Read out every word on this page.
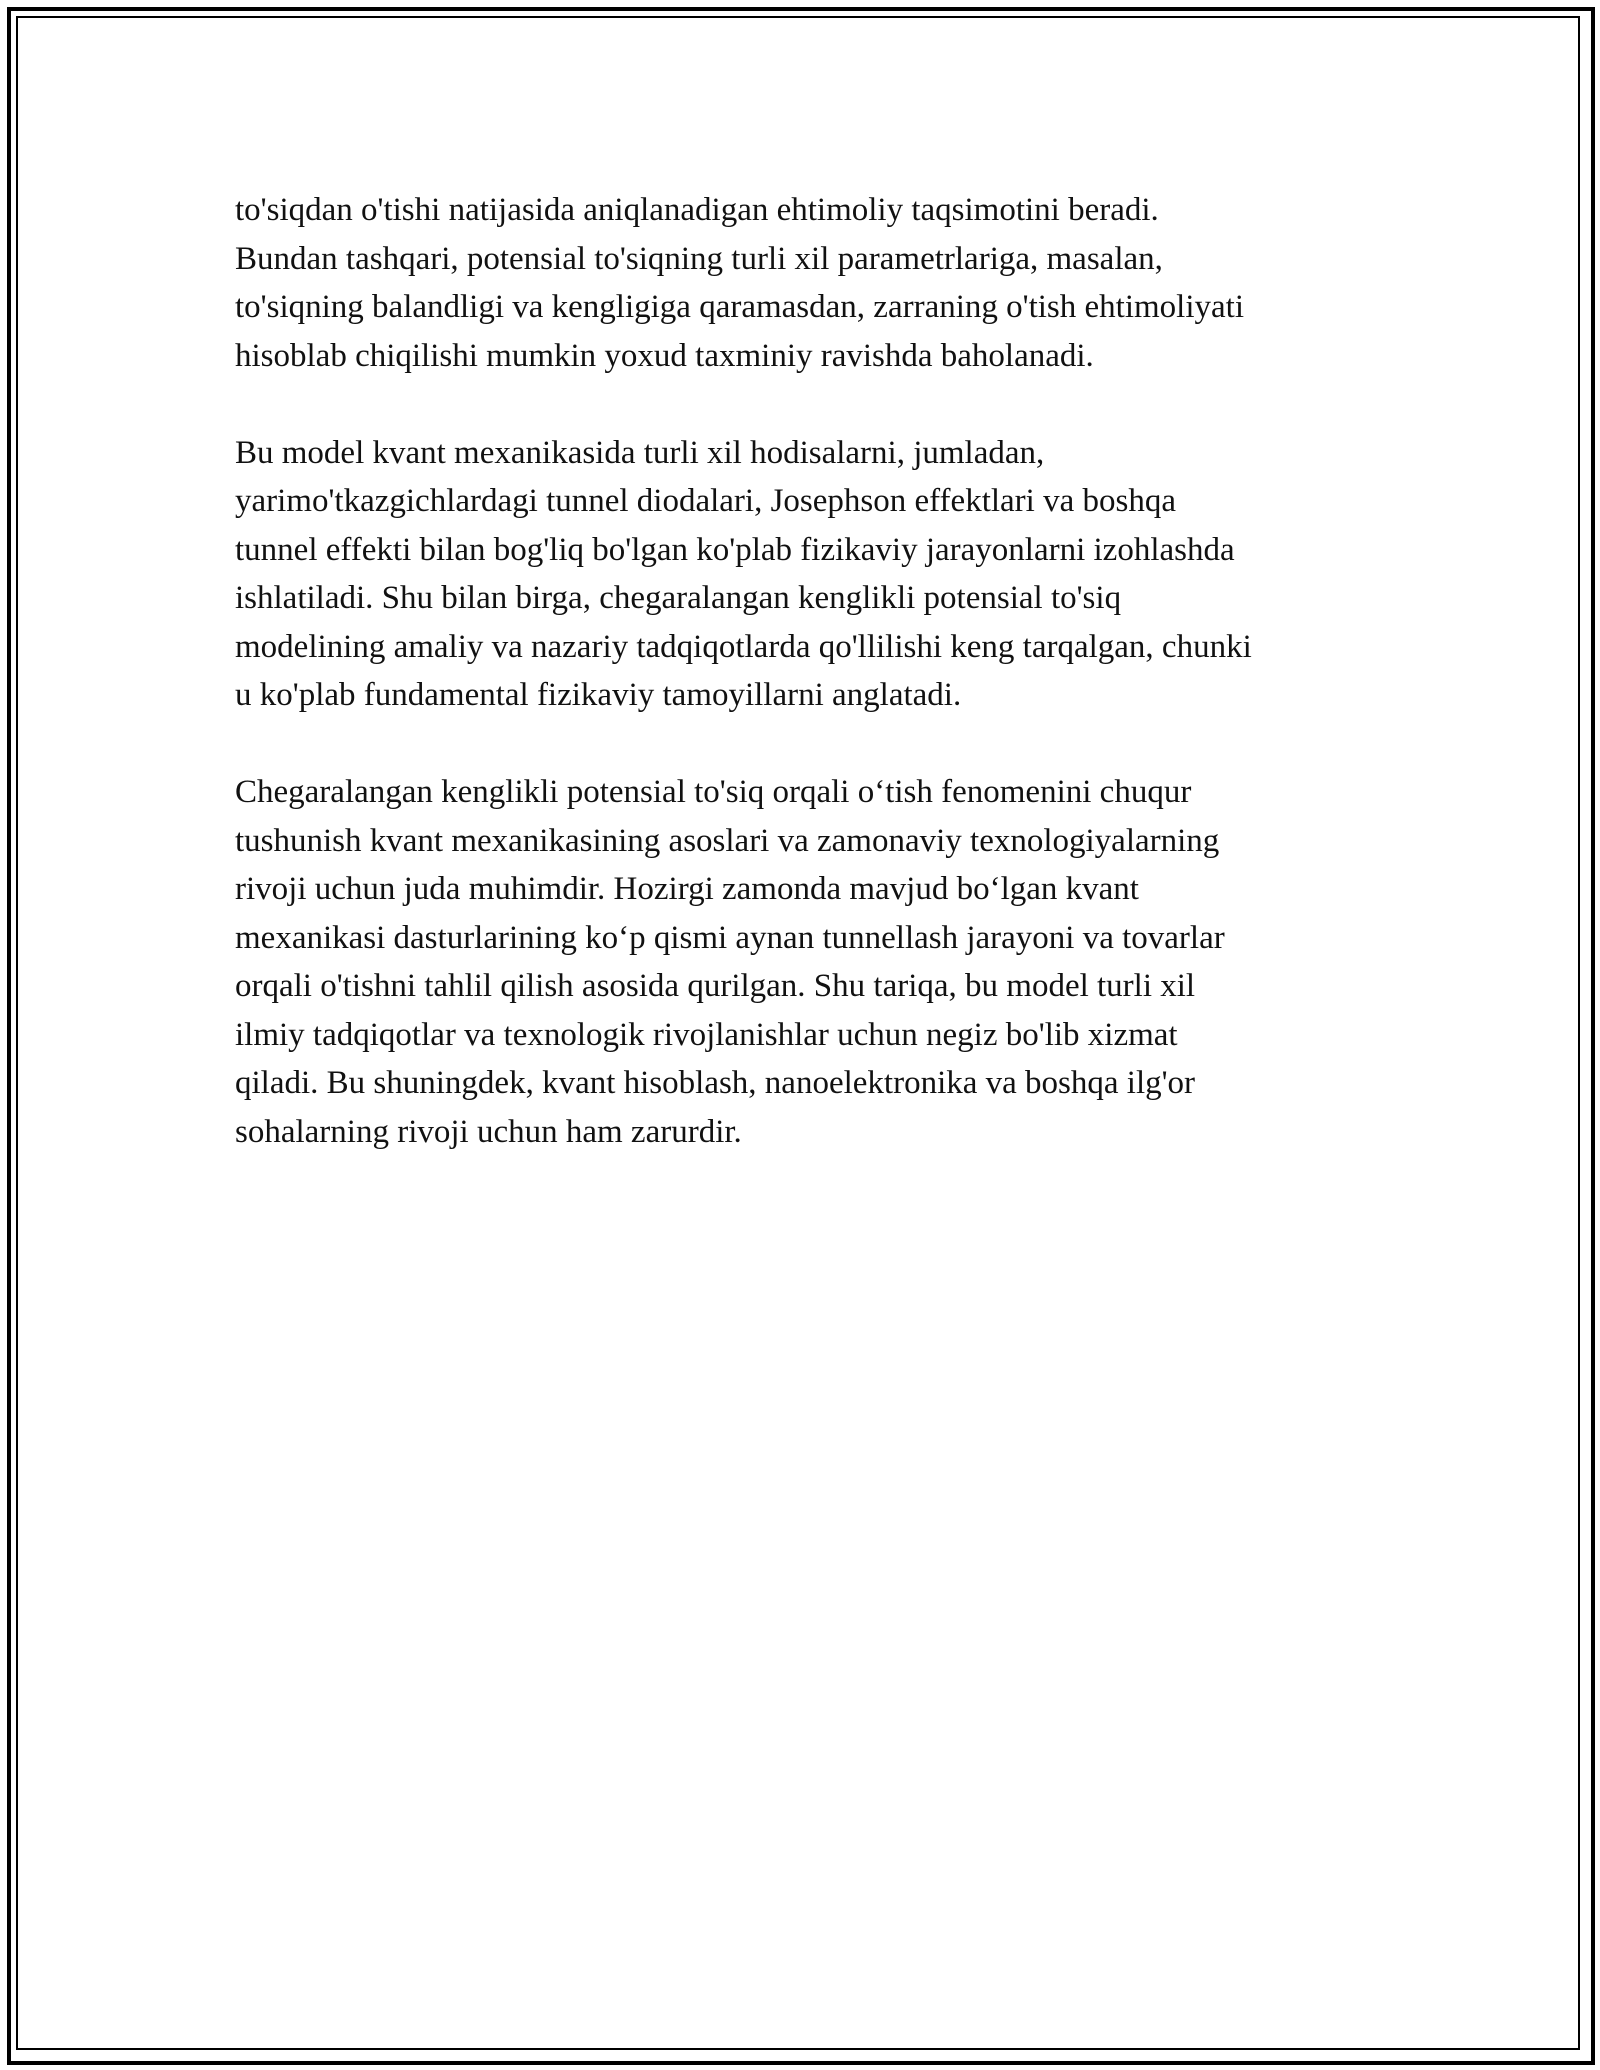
to'siqdan o'tishi natijasida aniqlanadigan ehtimoliy taqsimotini beradi.
Bundan tashqari, potensial to'siqning turli xil parametrlariga, masalan,
to'siqning balandligi va kengligiga qaramasdan, zarraning o'tish ehtimoliyati
hisoblab chiqilishi mumkin yoxud taxminiy ravishda baholanadi.

Bu model kvant mexanikasida turli xil hodisalarni, jumladan,
yarimo'tkazgichlardagi tunnel diodalari, Josephson effektlari va boshqa
tunnel effekti bilan bog'liq bo'lgan ko'plab fizikaviy jarayonlarni izohlashda
ishlatiladi. Shu bilan birga, chegaralangan kenglikli potensial to'siq
modelining amaliy va nazariy tadqiqotlarda qo'llilishi keng tarqalgan, chunki
u ko'plab fundamental fizikaviy tamoyillarni anglatadi.

Chegaralangan kenglikli potensial to'siq orqali o‘tish fenomenini chuqur
tushunish kvant mexanikasining asoslari va zamonaviy texnologiyalarning
rivoji uchun juda muhimdir. Hozirgi zamonda mavjud bo‘lgan kvant
mexanikasi dasturlarining ko‘p qismi aynan tunnellash jarayoni va tovarlar
orqali o'tishni tahlil qilish asosida qurilgan. Shu tariqa, bu model turli xil
ilmiy tadqiqotlar va texnologik rivojlanishlar uchun negiz bo'lib xizmat
qiladi. Bu shuningdek, kvant hisoblash, nanoelektronika va boshqa ilg'or
sohalarning rivoji uchun ham zarurdir.
